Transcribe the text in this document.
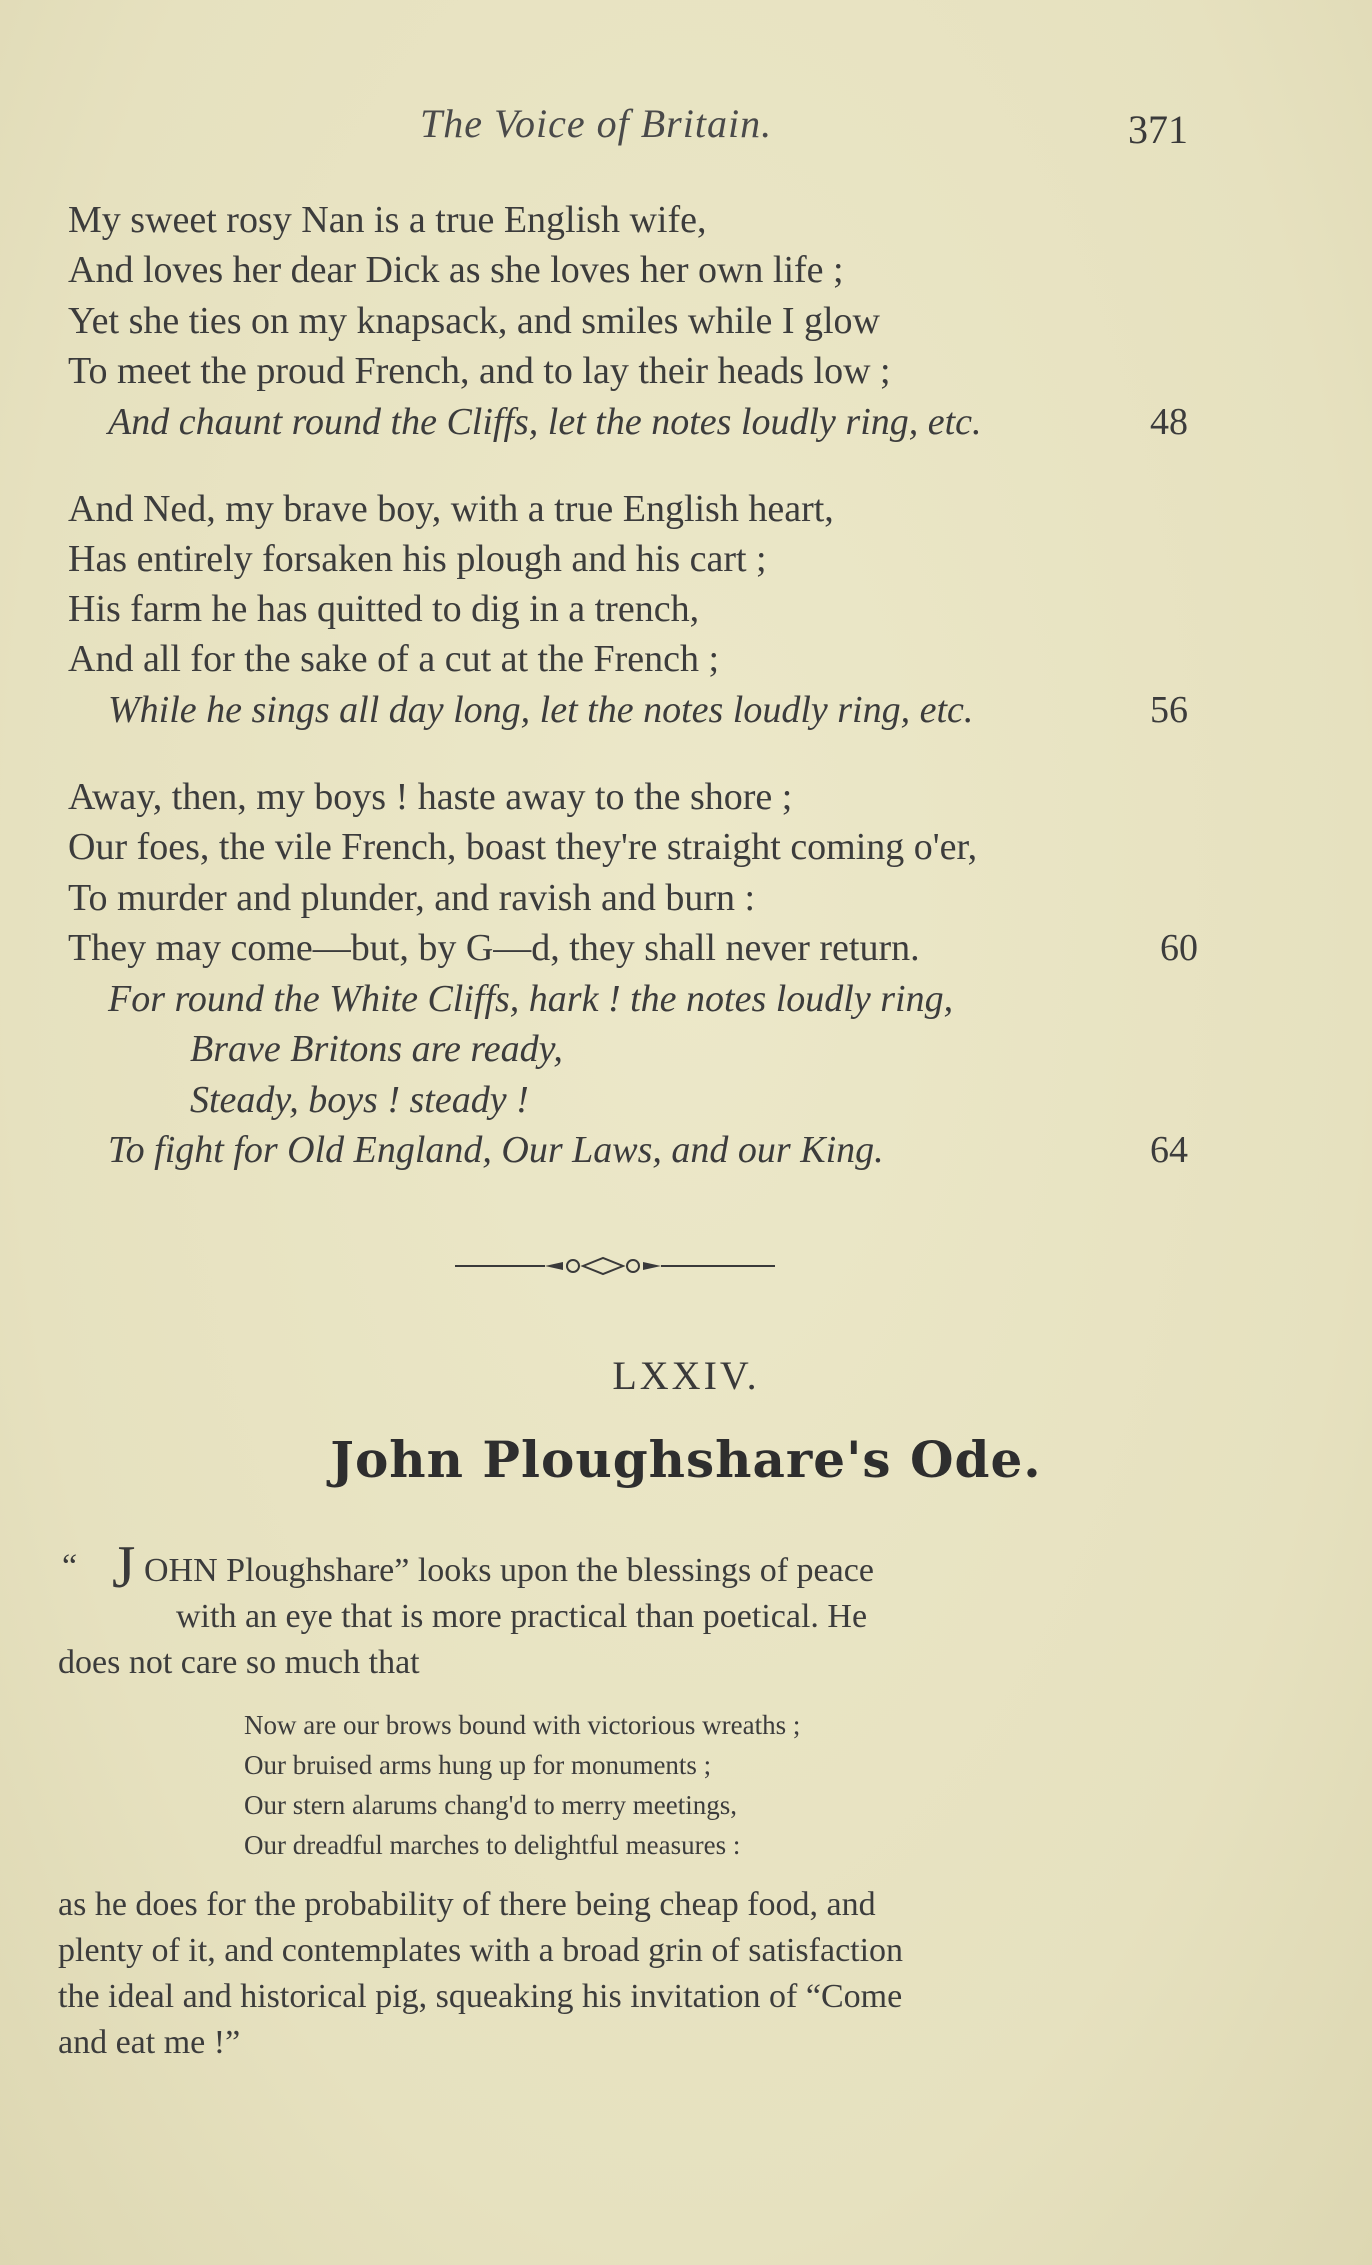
The Voice of Britain.	371
My sweet rosy Nan is a true English wife,
And loves her dear Dick as she loves her own life ;
Yet she ties on my knapsack, and smiles while I glow
To meet the proud French, and to lay their heads low ;
And chaunt round the Cliffs, let the notes loudly ring, etc.	48
And Ned, my brave boy, with a true English heart,
Has entirely forsaken his plough and his cart ;
His farm he has quitted to dig in a trench,
And all for the sake of a cut at the French ;
While he sings all day long, let the notes loudly ring, etc.	56
Away, then, my boys ! haste away to the shore ;
Our foes, the vile French, boast they're straight coming o'er,
To murder and plunder, and ravish and burn :
They may come—but, by G—d, they shall never return.	60
For round the White Cliffs, hark ! the notes loudly ring,
Brave Britons are ready,
Steady, boys ! steady !
To fight for Old England, Our Laws, and our King.	64
LXXIV.
John Ploughshare's Ode.
“ J OHN Ploughshare” looks upon the blessings of peace
with an eye that is more practical than poetical. He
does not care so much that
Now are our brows bound with victorious wreaths ;
Our bruised arms hung up for monuments ;
Our stern alarums chang'd to merry meetings,
Our dreadful marches to delightful measures :
as he does for the probability of there being cheap food, and
plenty of it, and contemplates with a broad grin of satisfaction
the ideal and historical pig, squeaking his invitation of “Come
and eat me !”
